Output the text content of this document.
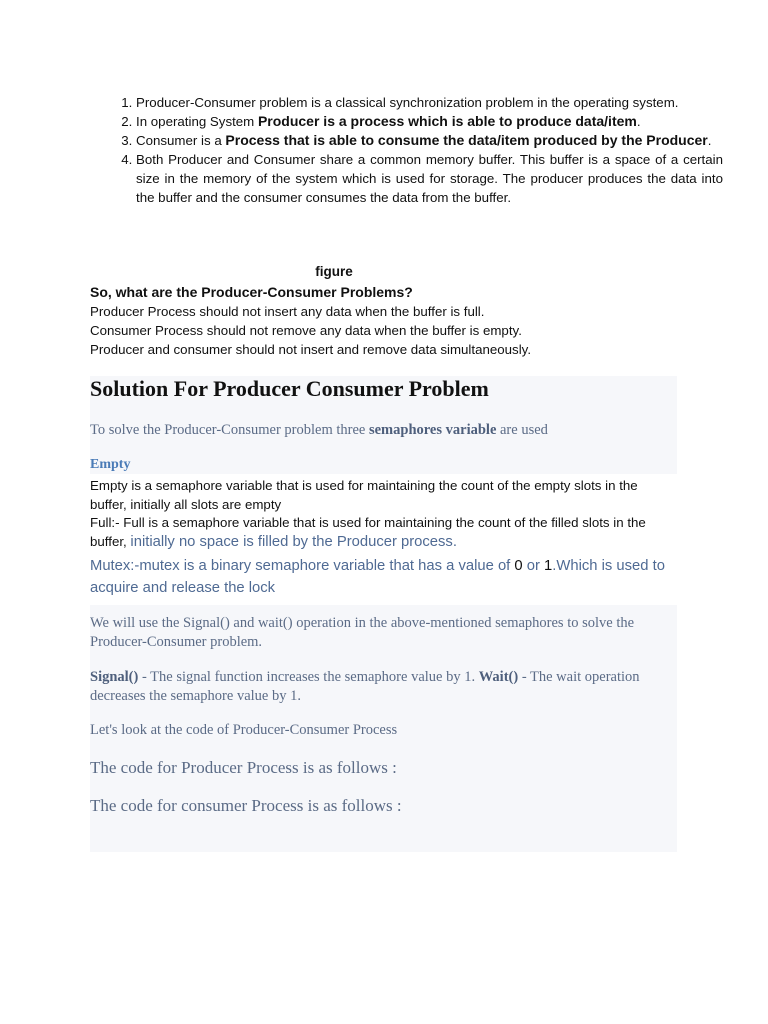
1. Producer-Consumer problem is a classical synchronization problem in the operating system.
2. In operating System Producer is a process which is able to produce data/item.
3. Consumer is a Process that is able to consume the data/item produced by the Producer.
4. Both Producer and Consumer share a common memory buffer. This buffer is a space of a certain size in the memory of the system which is used for storage. The producer produces the data into the buffer and the consumer consumes the data from the buffer.
figure
So, what are the Producer-Consumer Problems?
Producer Process should not insert any data when the buffer is full.
Consumer Process should not remove any data when the buffer is empty.
Producer and consumer should not insert and remove data simultaneously.
Solution For Producer Consumer Problem
To solve the Producer-Consumer problem three semaphores variable are used
Empty
Empty is a semaphore variable that is used for maintaining the count of the empty slots in the buffer, initially all slots are empty
Full:- Full is a semaphore variable that is used for maintaining the count of the filled slots in the buffer, initially no space is filled by the Producer process.
Mutex:-mutex is a binary semaphore variable that has a value of 0 or 1.Which is used to acquire and release the lock
We will use the Signal() and wait() operation in the above-mentioned semaphores to solve the Producer-Consumer problem.
Signal() - The signal function increases the semaphore value by 1. Wait() - The wait operation decreases the semaphore value by 1.
Let's look at the code of Producer-Consumer Process
The code for Producer Process is as follows :
The code for consumer Process is as follows :
